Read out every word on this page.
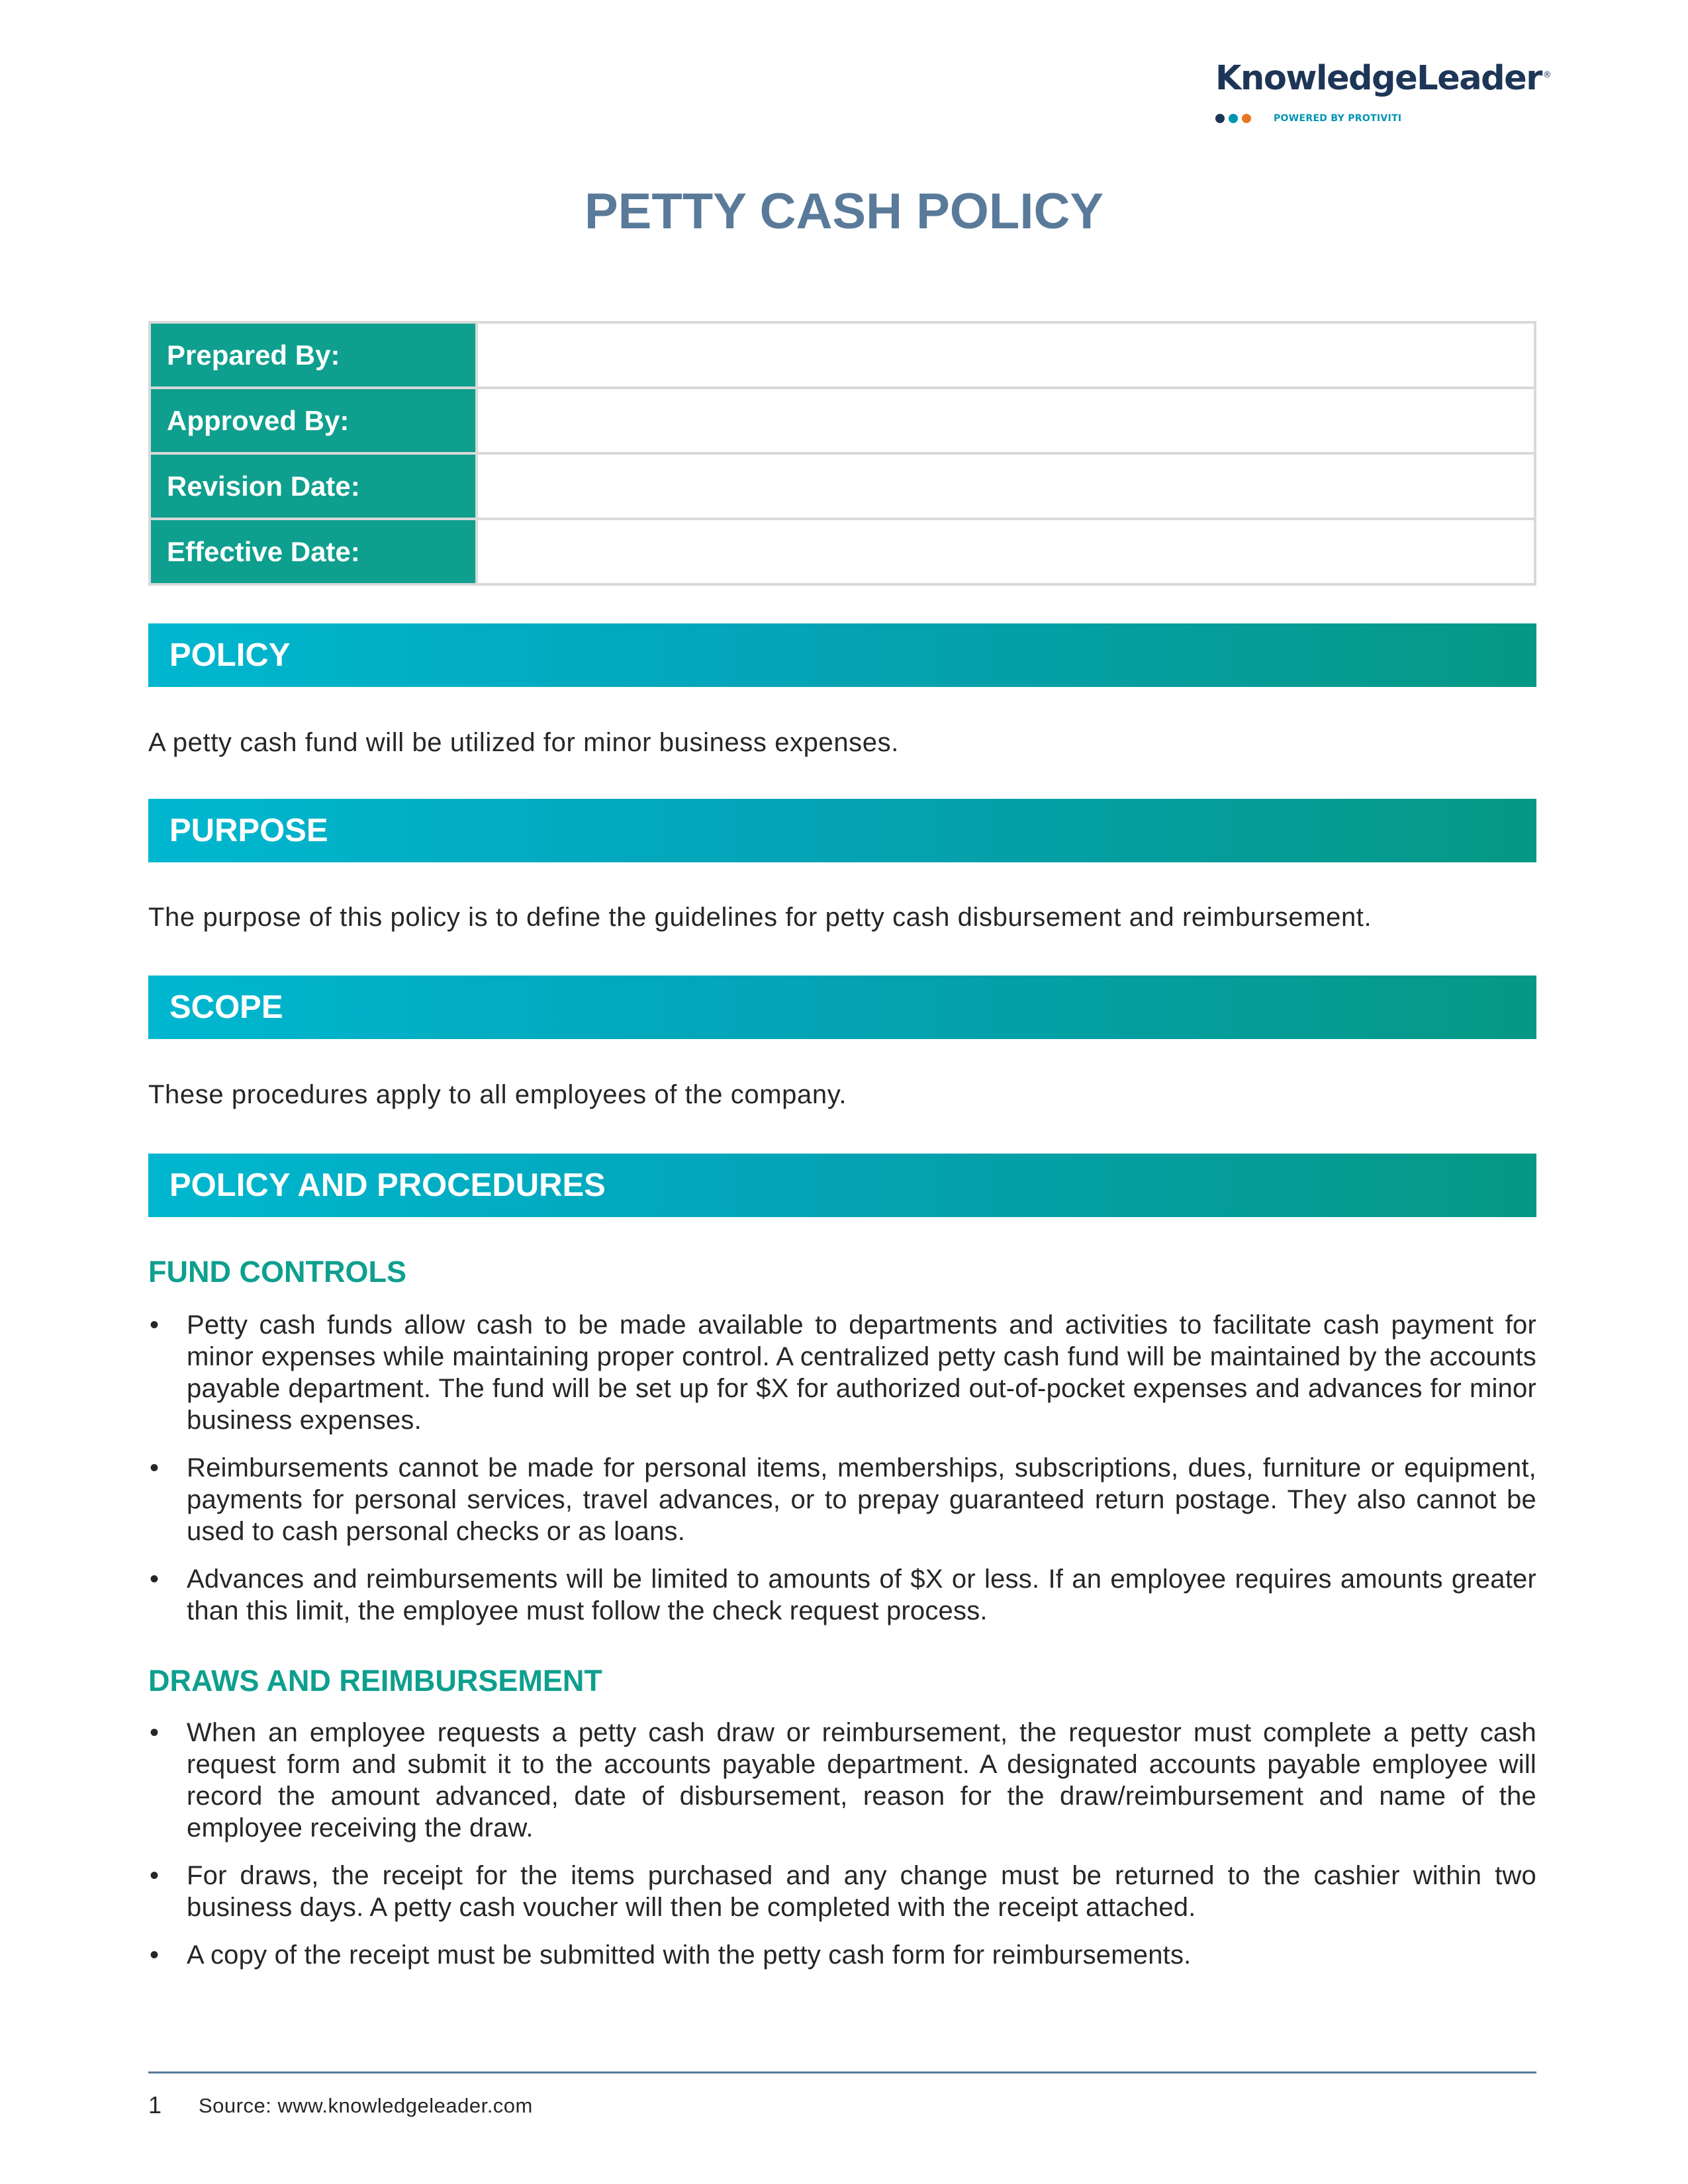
KnowledgeLeader ®
POWERED BY PROTIVITI
PETTY CASH POLICY
Prepared By:	
Approved By:	
Revision Date:	
Effective Date:	
POLICY
A petty cash fund will be utilized for minor business expenses.
PURPOSE
The purpose of this policy is to define the guidelines for petty cash disbursement and reimbursement.
SCOPE
These procedures apply to all employees of the company.
POLICY AND PROCEDURES
FUND CONTROLS
• Petty cash funds allow cash to be made available to departments and activities to facilitate cash payment for minor expenses while maintaining proper control. A centralized petty cash fund will be maintained by the accounts payable department. The fund will be set up for $X for authorized out-of-pocket expenses and advances for minor business expenses.
• Reimbursements cannot be made for personal items, memberships, subscriptions, dues, furniture or equipment, payments for personal services, travel advances, or to prepay guaranteed return postage. They also cannot be used to cash personal checks or as loans.
• Advances and reimbursements will be limited to amounts of $X or less. If an employee requires amounts greater than this limit, the employee must follow the check request process.
DRAWS AND REIMBURSEMENT
• When an employee requests a petty cash draw or reimbursement, the requestor must complete a petty cash request form and submit it to the accounts payable department. A designated accounts payable employee will record the amount advanced, date of disbursement, reason for the draw/reimbursement and name of the employee receiving the draw.
• For draws, the receipt for the items purchased and any change must be returned to the cashier within two business days. A petty cash voucher will then be completed with the receipt attached.
• A copy of the receipt must be submitted with the petty cash form for reimbursements.
1 Source: www.knowledgeleader.com
